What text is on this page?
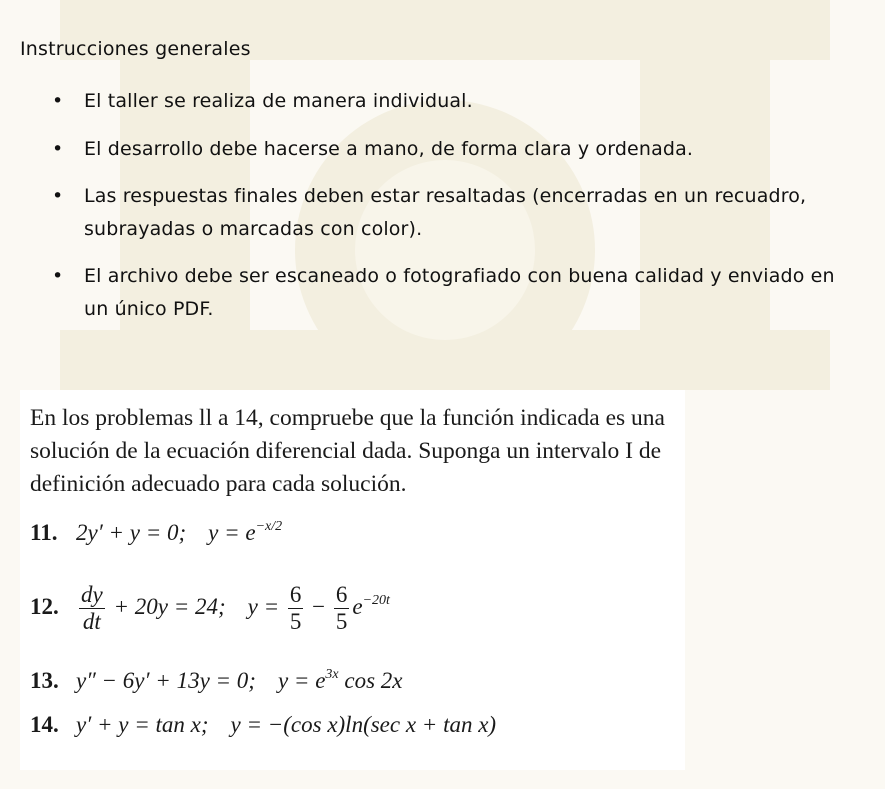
Instrucciones generales
• El taller se realiza de manera individual.
• El desarrollo debe hacerse a mano, de forma clara y ordenada.
• Las respuestas finales deben estar resaltadas (encerradas en un recuadro, subrayadas o marcadas con color).
• El archivo debe ser escaneado o fotografiado con buena calidad y enviado en un único PDF.
En los problemas ll a 14, compruebe que la función indicada es una solución de la ecuación diferencial dada. Suponga un intervalo I de definición adecuado para cada solución.
11. 2y′ + y = 0; $y = e^{-x/2}$
12. $\frac{dy}{dt} + 20y = 24$; $y = \frac{6}{5} - \frac{6}{5} e^{-20t}$
13. y″ − 6y′ + 13y = 0; $y = e^{3x}$ cos 2x
14. y′ + y = tan x; y = −(cos x)ln(sec x + tan x)
